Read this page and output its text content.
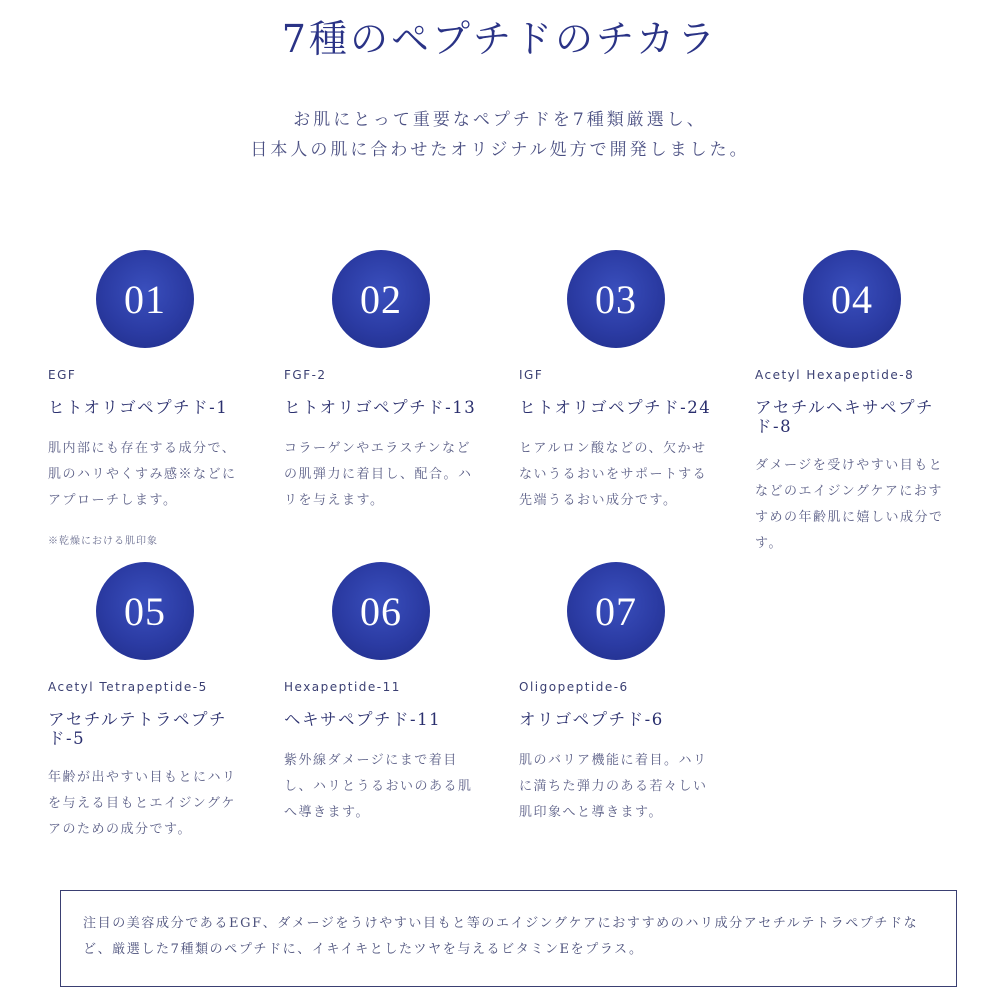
7種のペプチドのチカラ

お肌にとって重要なペプチドを7種類厳選し、
日本人の肌に合わせたオリジナル処方で開発しました。

01
EGF
ヒトオリゴペプチド-1
肌内部にも存在する成分で、肌のハリやくすみ感※などにアプローチします。
※乾燥における肌印象
02
FGF-2
ヒトオリゴペプチド-13
コラーゲンやエラスチンなどの肌弾力に着目し、配合。ハリを与えます。
03
IGF
ヒトオリゴペプチド-24
ヒアルロン酸などの、欠かせないうるおいをサポートする先端うるおい成分です。
04
Acetyl Hexapeptide-8
アセチルヘキサペプチド-8
ダメージを受けやすい目もとなどのエイジングケアにおすすめの年齢肌に嬉しい成分です。
05
Acetyl Tetrapeptide-5
アセチルテトラペプチド-5
年齢が出やすい目もとにハリを与える目もとエイジングケアのための成分です。
06
Hexapeptide-11
ヘキサペプチド-11
紫外線ダメージにまで着目し、ハリとうるおいのある肌へ導きます。
07
Oligopeptide-6
オリゴペプチド-6
肌のバリア機能に着目。ハリに満ちた弾力のある若々しい肌印象へと導きます。

注目の美容成分であるEGF、ダメージをうけやすい目もと等のエイジングケアにおすすめのハリ成分アセチルテトラペプチドなど、厳選した7種類のペプチドに、イキイキとしたツヤを与えるビタミンEをプラス。
